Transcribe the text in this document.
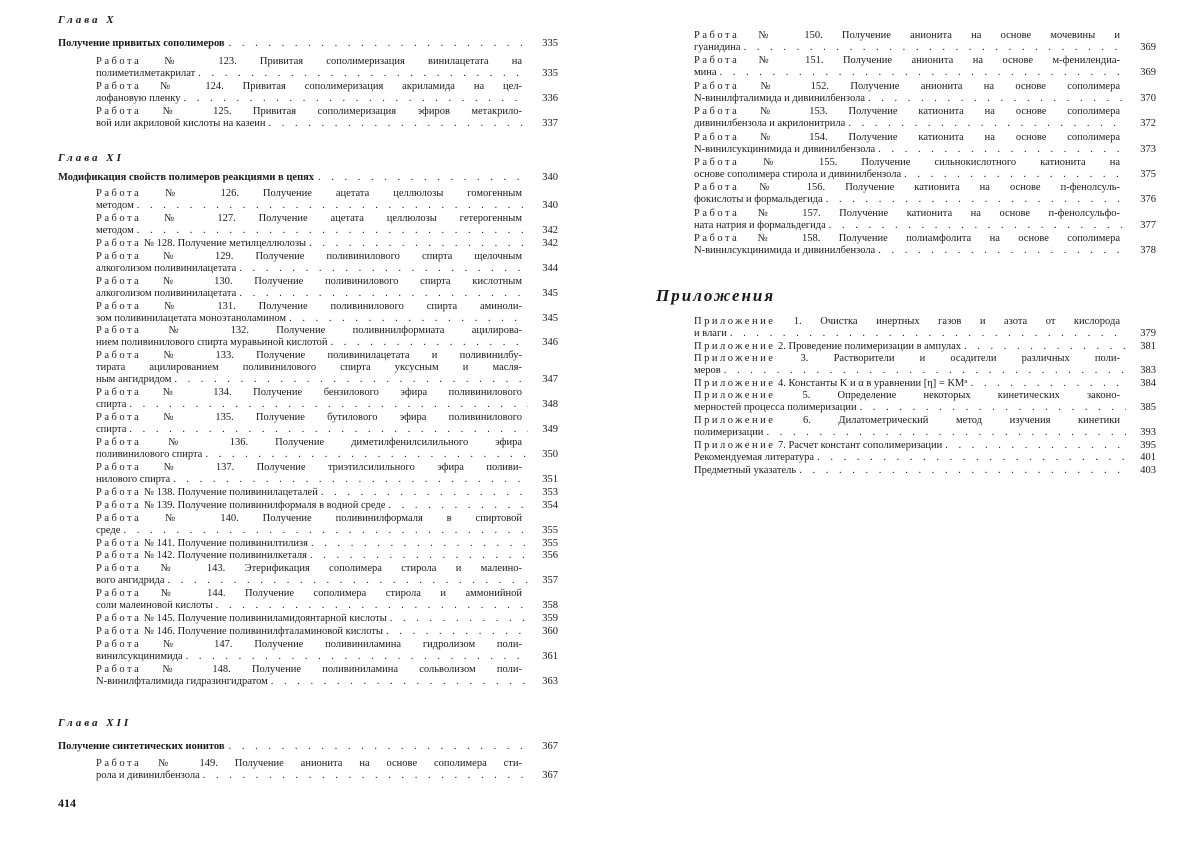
Глава X
Получение привитых сополимеров . . .	335
Работа № 123. Привитая сополимеризация винилацетата на
полиметилметакрилат . . .	335
Работа № 124. Привитая сополимеризация акриламида на цел-
лофановую пленку . . .	336
Работа № 125. Привитая сополимеризация эфиров метакрило-
вой или акриловой кислоты на казеин . . .	337
Глава XI
Модификация свойств полимеров реакциями в цепях . . .	340
Работа № 126. Получение ацетата целлюлозы гомогенным
методом . . .	340
Работа № 127. Получение ацетата целлюлозы гетерогенным
методом . . .	342
Работа № 128. Получение метилцеллюлозы . . .	342
Работа № 129. Получение поливинилового спирта щелочным
алкоголизом поливинилацетата . . .	344
Работа № 130. Получение поливинилового спирта кислотным
алкоголизом поливинилацетата . . .	345
Работа № 131. Получение поливинилового спирта аминоли-
зом поливинилацетата моноэтаноламином . . .	345
Работа № 132. Получение поливинилформиата ацилирова-
нием поливинилового спирта муравьиной кислотой . . .	346
Работа № 133. Получение поливинилацетата и поливинилбу-
тирата ацилированием поливинилового спирта уксусным и масля-
ным ангидридом . . .	347
Работа № 134. Получение бензилового эфира поливинилового
спирта . . .	348
Работа № 135. Получение бутилового эфира поливинилового
спирта . . .	349
Работа № 136. Получение диметилфенилсилильного эфира
поливинилового спирта . . .	350
Работа № 137. Получение триэтилсилильного эфира поливи-
нилового спирта . . .	351
Работа № 138. Получение поливинилацеталей . . .	353
Работа № 139. Получение поливинилформаля в водной среде . . .	354
Работа № 140. Получение поливинилформаля в спиртовой
среде . . .	355
Работа № 141. Получение поливинилтилизя . . .	355
Работа № 142. Получение поливинилкеталя . . .	356
Работа № 143. Этерификация сополимера стирола и малеино-
вого ангидрида . . .	357
Работа № 144. Получение сополимера стирола и аммонийной
соли малеиновой кислоты . . .	358
Работа № 145. Получение поливиниламидоянтарной кислоты . . .	359
Работа № 146. Получение поливинилфталаминовой кислоты . . .	360
Работа № 147. Получение поливиниламина гидролизом поли-
винилсукцинимида . . .	361
Работа № 148. Получение поливиниламина сольволизом поли-
N-винилфталимида гидразингидратом . . .	363
Глава XII
Получение синтетических ионитов . . .	367
Работа № 149. Получение анионита на основе сополимера сти-
рола и дивинилбензола . . .	367
414
Работа № 150. Получение анионита на основе мочевины и
гуанидина . . .	369
Работа № 151. Получение анионита на основе м-фенилендиа-
мина . . .	369
Работа № 152. Получение анионита на основе сополимера
N-винилфталимида и дивинилбензола . . .	370
Работа № 153. Получение катионита на основе сополимера
дивинилбензола и акрилонитрила . . .	372
Работа № 154. Получение катионита на основе сополимера
N-винилсукцинимида и дивинилбензола . . .	373
Работа № 155. Получение сильнокислотного катионита на
основе сополимера стирола и дивинилбензола . . .	375
Работа № 156. Получение катионита на основе п-фенолсуль-
фокислоты и формальдегида . . .	376
Работа № 157. Получение катионита на основе п-фенолсульфо-
ната натрия и формальдегида . . .	377
Работа № 158. Получение полиамфолита на основе сополимера
N-винилсукцинимида и дивинилбензола . . .	378
Приложения
Приложение 1. Очистка инертных газов и азота от кислорода
и влаги . . .	379
Приложение 2. Проведение полимеризации в ампулах . . .	381
Приложение 3. Растворители и осадители различных поли-
меров . . .	383
Приложение 4. Константы K и α в уравнении [η] = KMᵅ . . .	384
Приложение 5. Определение некоторых кинетических законо-
мерностей процесса полимеризации . . .	385
Приложение 6. Дилатометрический метод изучения кинетики
полимеризации . . .	393
Приложение 7. Расчет констант сополимеризации . . .	395
Рекомендуемая литература . . .	401
Предметный указатель . . .	403
